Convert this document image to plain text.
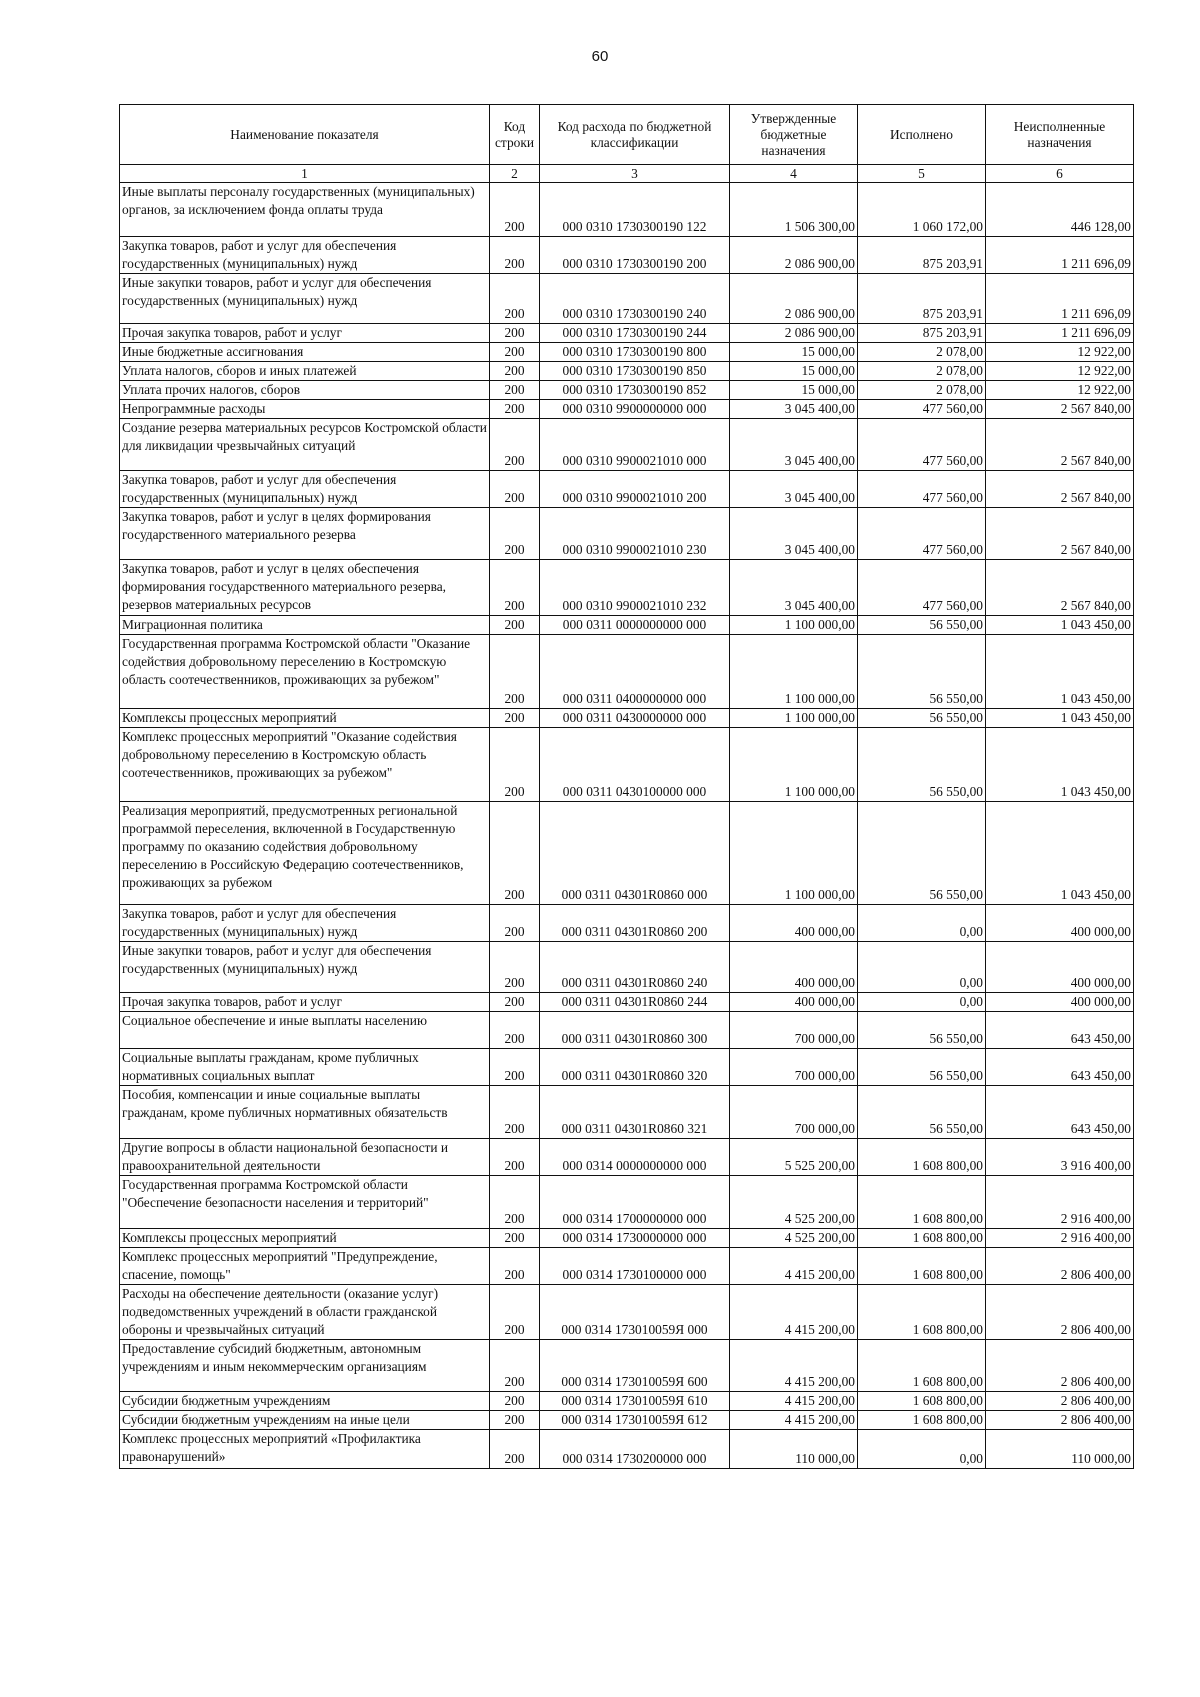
60
Наименование показателя	Код строки	Код расхода по бюджетной классификации	Утвержденные бюджетные назначения	Исполнено	Неисполненные назначения
1	2	3	4	5	6
Иные выплаты персоналу государственных (муниципальных) органов, за исключением фонда оплаты труда	200	000 0310 1730300190 122	1 506 300,00	1 060 172,00	446 128,00
Закупка товаров, работ и услуг для обеспечения государственных (муниципальных) нужд	200	000 0310 1730300190 200	2 086 900,00	875 203,91	1 211 696,09
Иные закупки товаров, работ и услуг для обеспечения государственных (муниципальных) нужд	200	000 0310 1730300190 240	2 086 900,00	875 203,91	1 211 696,09
Прочая закупка товаров, работ и услуг	200	000 0310 1730300190 244	2 086 900,00	875 203,91	1 211 696,09
Иные бюджетные ассигнования	200	000 0310 1730300190 800	15 000,00	2 078,00	12 922,00
Уплата налогов, сборов и иных платежей	200	000 0310 1730300190 850	15 000,00	2 078,00	12 922,00
Уплата прочих налогов, сборов	200	000 0310 1730300190 852	15 000,00	2 078,00	12 922,00
Непрограммные расходы	200	000 0310 9900000000 000	3 045 400,00	477 560,00	2 567 840,00
Создание резерва материальных ресурсов Костромской области для ликвидации чрезвычайных ситуаций	200	000 0310 9900021010 000	3 045 400,00	477 560,00	2 567 840,00
Закупка товаров, работ и услуг для обеспечения государственных (муниципальных) нужд	200	000 0310 9900021010 200	3 045 400,00	477 560,00	2 567 840,00
Закупка товаров, работ и услуг в целях формирования государственного материального резерва	200	000 0310 9900021010 230	3 045 400,00	477 560,00	2 567 840,00
Закупка товаров, работ и услуг в целях обеспечения формирования государственного материального резерва, резервов материальных ресурсов	200	000 0310 9900021010 232	3 045 400,00	477 560,00	2 567 840,00
Миграционная политика	200	000 0311 0000000000 000	1 100 000,00	56 550,00	1 043 450,00
Государственная программа Костромской области "Оказание содействия добровольному переселению в Костромскую область соотечественников, проживающих за рубежом"	200	000 0311 0400000000 000	1 100 000,00	56 550,00	1 043 450,00
Комплексы процессных мероприятий	200	000 0311 0430000000 000	1 100 000,00	56 550,00	1 043 450,00
Комплекс процессных мероприятий "Оказание содействия добровольному переселению в Костромскую область соотечественников, проживающих за рубежом"	200	000 0311 0430100000 000	1 100 000,00	56 550,00	1 043 450,00
Реализация мероприятий, предусмотренных региональной программой переселения, включенной в Государственную программу по оказанию содействия добровольному переселению в Российскую Федерацию соотечественников, проживающих за рубежом	200	000 0311 04301R0860 000	1 100 000,00	56 550,00	1 043 450,00
Закупка товаров, работ и услуг для обеспечения государственных (муниципальных) нужд	200	000 0311 04301R0860 200	400 000,00	0,00	400 000,00
Иные закупки товаров, работ и услуг для обеспечения государственных (муниципальных) нужд	200	000 0311 04301R0860 240	400 000,00	0,00	400 000,00
Прочая закупка товаров, работ и услуг	200	000 0311 04301R0860 244	400 000,00	0,00	400 000,00
Социальное обеспечение и иные выплаты населению	200	000 0311 04301R0860 300	700 000,00	56 550,00	643 450,00
Социальные выплаты гражданам, кроме публичных нормативных социальных выплат	200	000 0311 04301R0860 320	700 000,00	56 550,00	643 450,00
Пособия, компенсации и иные социальные выплаты гражданам, кроме публичных нормативных обязательств	200	000 0311 04301R0860 321	700 000,00	56 550,00	643 450,00
Другие вопросы в области национальной безопасности и правоохранительной деятельности	200	000 0314 0000000000 000	5 525 200,00	1 608 800,00	3 916 400,00
Государственная программа Костромской области "Обеспечение безопасности населения и территорий"	200	000 0314 1700000000 000	4 525 200,00	1 608 800,00	2 916 400,00
Комплексы процессных мероприятий	200	000 0314 1730000000 000	4 525 200,00	1 608 800,00	2 916 400,00
Комплекс процессных мероприятий "Предупреждение, спасение, помощь"	200	000 0314 1730100000 000	4 415 200,00	1 608 800,00	2 806 400,00
Расходы на обеспечение деятельности (оказание услуг) подведомственных учреждений в области гражданской обороны и чрезвычайных ситуаций	200	000 0314 173010059Я 000	4 415 200,00	1 608 800,00	2 806 400,00
Предоставление субсидий бюджетным, автономным учреждениям и иным некоммерческим организациям	200	000 0314 173010059Я 600	4 415 200,00	1 608 800,00	2 806 400,00
Субсидии бюджетным учреждениям	200	000 0314 173010059Я 610	4 415 200,00	1 608 800,00	2 806 400,00
Субсидии бюджетным учреждениям на иные цели	200	000 0314 173010059Я 612	4 415 200,00	1 608 800,00	2 806 400,00
Комплекс процессных мероприятий «Профилактика правонарушений»	200	000 0314 1730200000 000	110 000,00	0,00	110 000,00
